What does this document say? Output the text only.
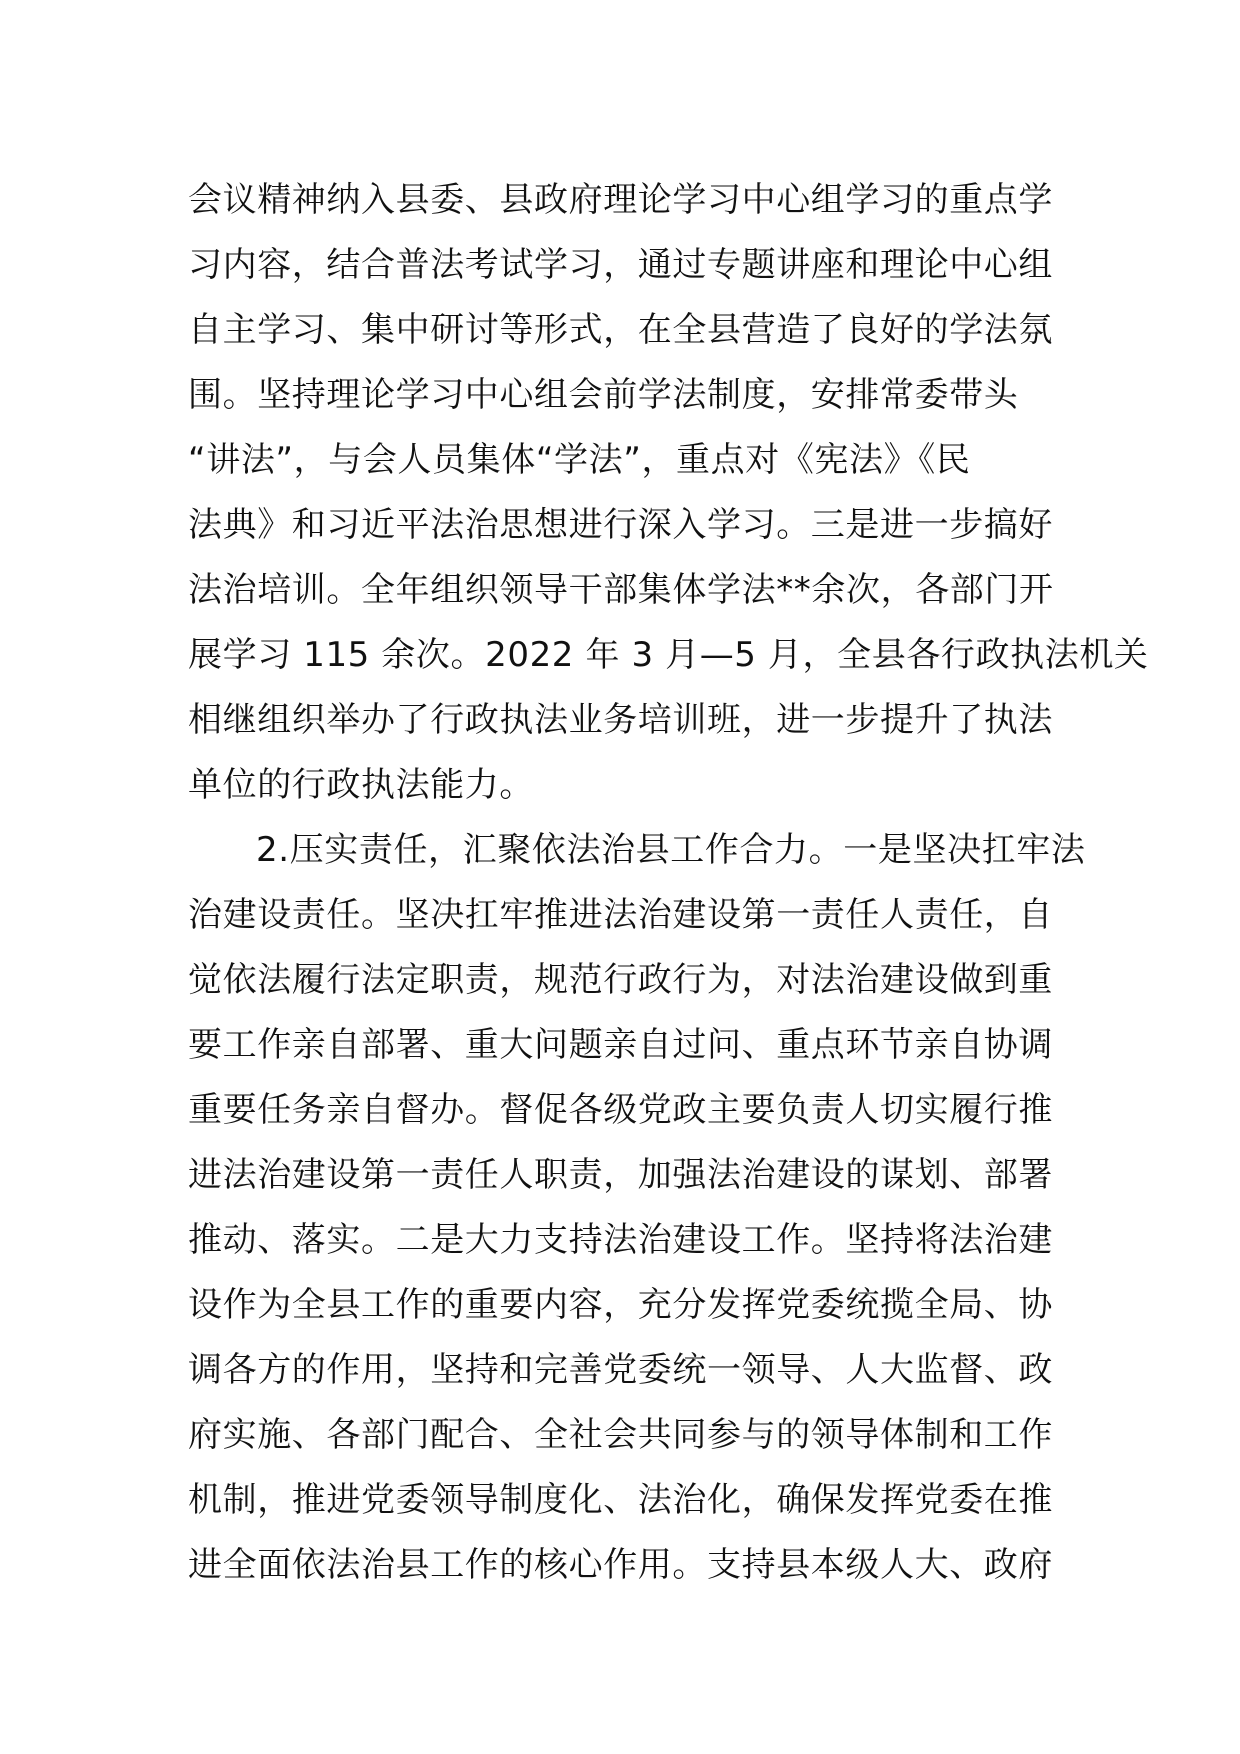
会议精神纳入县委、县政府理论学习中心组学习的重点学
习内容，结合普法考试学习，通过专题讲座和理论中心组
自主学习、集中研讨等形式，在全县营造了良好的学法氛
围。坚持理论学习中心组会前学法制度，安排常委带头
“讲法”，与会人员集体“学法”，重点对《宪法》《民
法典》和习近平法治思想进行深入学习。三是进一步搞好
法治培训。全年组织领导干部集体学法**余次，各部门开
展学习 115 余次。2022 年 3 月—5 月，全县各行政执法机关
相继组织举办了行政执法业务培训班，进一步提升了执法
单位的行政执法能力。
2.压实责任，汇聚依法治县工作合力。一是坚决扛牢法
治建设责任。坚决扛牢推进法治建设第一责任人责任，自
觉依法履行法定职责，规范行政行为，对法治建设做到重
要工作亲自部署、重大问题亲自过问、重点环节亲自协调
重要任务亲自督办。督促各级党政主要负责人切实履行推
进法治建设第一责任人职责，加强法治建设的谋划、部署
推动、落实。二是大力支持法治建设工作。坚持将法治建
设作为全县工作的重要内容，充分发挥党委统揽全局、协
调各方的作用，坚持和完善党委统一领导、人大监督、政
府实施、各部门配合、全社会共同参与的领导体制和工作
机制，推进党委领导制度化、法治化，确保发挥党委在推
进全面依法治县工作的核心作用。支持县本级人大、政府
